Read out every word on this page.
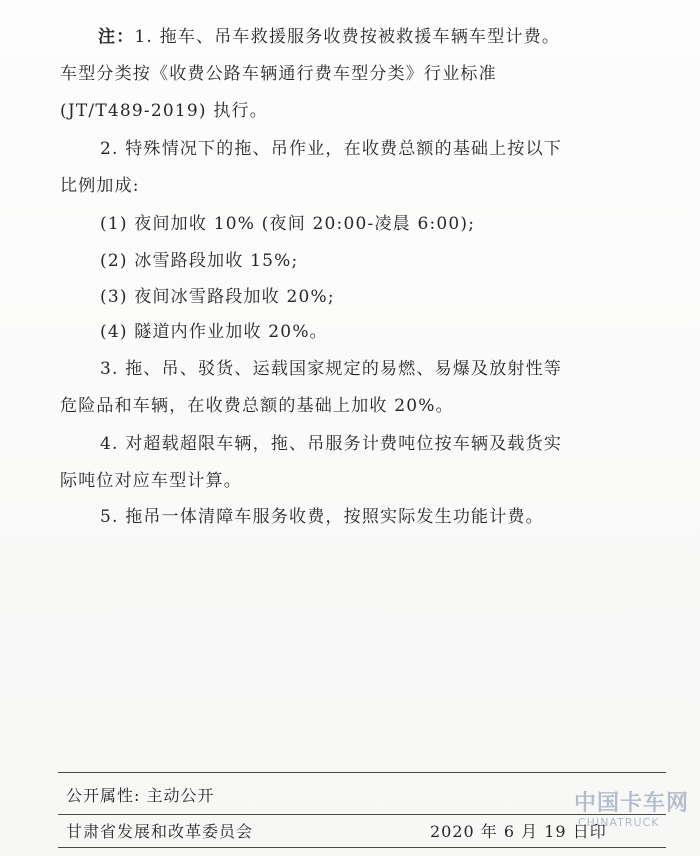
注：1. 拖车、吊车救援服务收费按被救援车辆车型计费。
车型分类按《收费公路车辆通行费车型分类》行业标准
(JT/T489-2019) 执行。
2. 特殊情况下的拖、吊作业，在收费总额的基础上按以下
比例加成:
(1) 夜间加收 10% (夜间 20:00-凌晨 6:00);
(2) 冰雪路段加收 15%;
(3) 夜间冰雪路段加收 20%;
(4) 隧道内作业加收 20%。
3. 拖、吊、驳货、运载国家规定的易燃、易爆及放射性等
危险品和车辆，在收费总额的基础上加收 20%。
4. 对超载超限车辆，拖、吊服务计费吨位按车辆及载货实
际吨位对应车型计算。
5. 拖吊一体清障车服务收费，按照实际发生功能计费。
公开属性: 主动公开
甘肃省发展和改革委员会	2020 年 6 月 19 日印
中国卡车网
CHINATRUCK
